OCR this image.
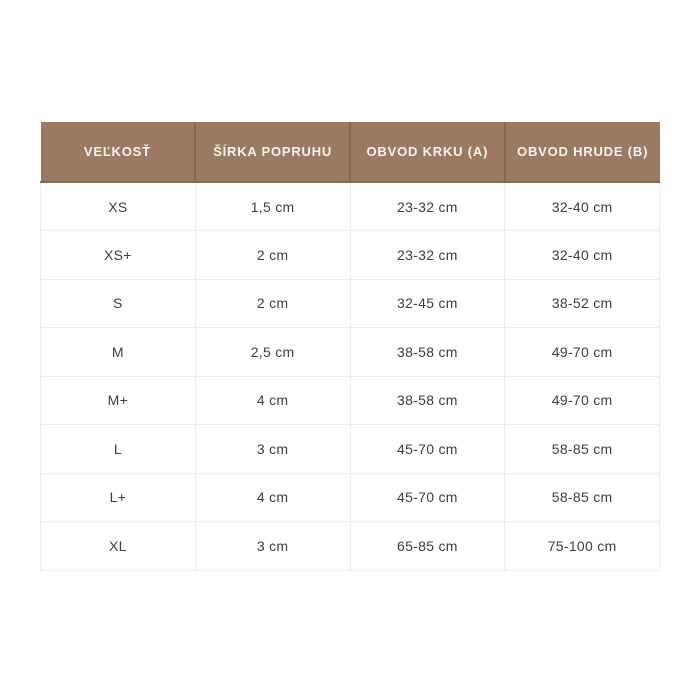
VEĽKOSŤ	ŠÍRKA POPRUHU	OBVOD KRKU (A)	OBVOD HRUDE (B)
XS	1,5 cm	23-32 cm	32-40 cm
XS+	2 cm	23-32 cm	32-40 cm
S	2 cm	32-45 cm	38-52 cm
M	2,5 cm	38-58 cm	49-70 cm
M+	4 cm	38-58 cm	49-70 cm
L	3 cm	45-70 cm	58-85 cm
L+	4 cm	45-70 cm	58-85 cm
XL	3 cm	65-85 cm	75-100 cm
